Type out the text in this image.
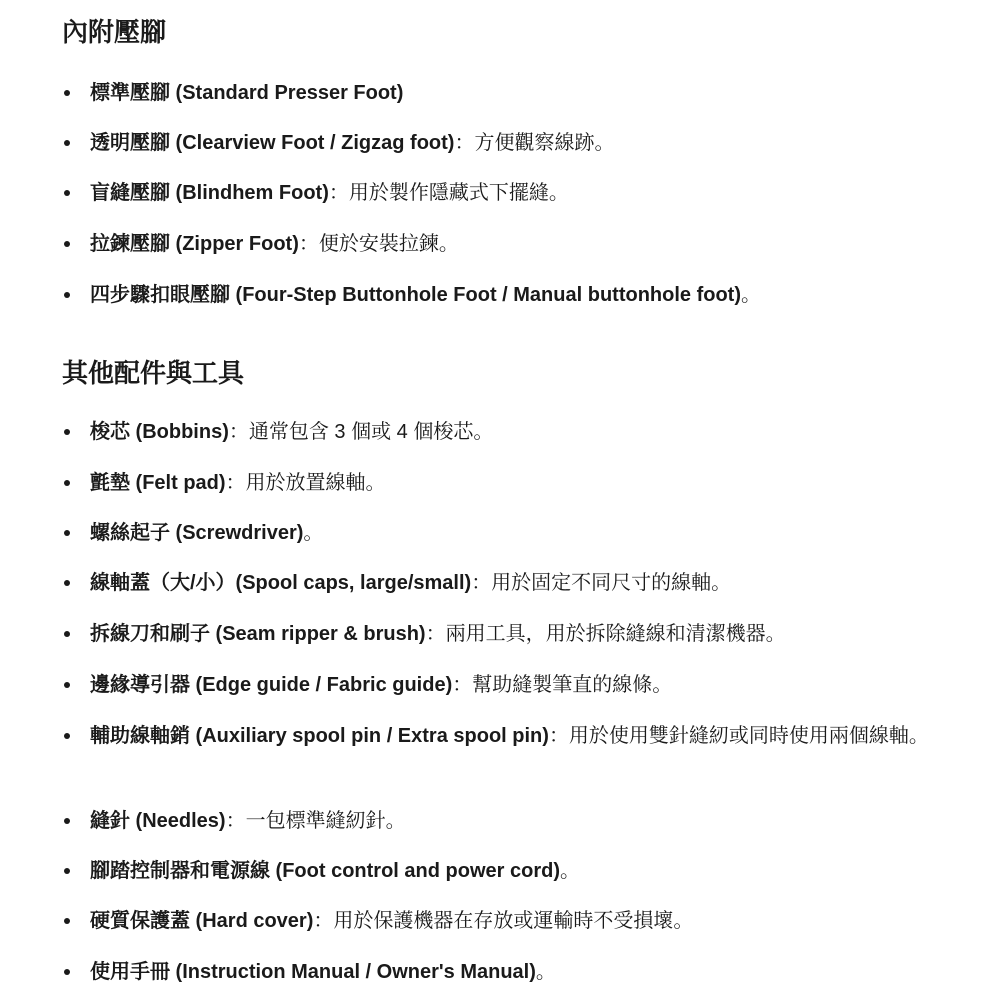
內附壓腳
標準壓腳 (Standard Presser Foot)
透明壓腳 (Clearview Foot / Zigzag foot)：方便觀察線跡。
盲縫壓腳 (Blindhem Foot)：用於製作隱藏式下擺縫。
拉鍊壓腳 (Zipper Foot)：便於安裝拉鍊。
四步驟扣眼壓腳 (Four-Step Buttonhole Foot / Manual buttonhole foot)。
其他配件與工具
梭芯 (Bobbins)：通常包含 3 個或 4 個梭芯。
氈墊 (Felt pad)：用於放置線軸。
螺絲起子 (Screwdriver)。
線軸蓋（大/小）(Spool caps, large/small)：用於固定不同尺寸的線軸。
拆線刀和刷子 (Seam ripper & brush)：兩用工具，用於拆除縫線和清潔機器。
邊緣導引器 (Edge guide / Fabric guide)：幫助縫製筆直的線條。
輔助線軸銷 (Auxiliary spool pin / Extra spool pin)：用於使用雙針縫紉或同時使用兩個線軸。
縫針 (Needles)：一包標準縫紉針。
腳踏控制器和電源線 (Foot control and power cord)。
硬質保護蓋 (Hard cover)：用於保護機器在存放或運輸時不受損壞。
使用手冊 (Instruction Manual / Owner's Manual)。
